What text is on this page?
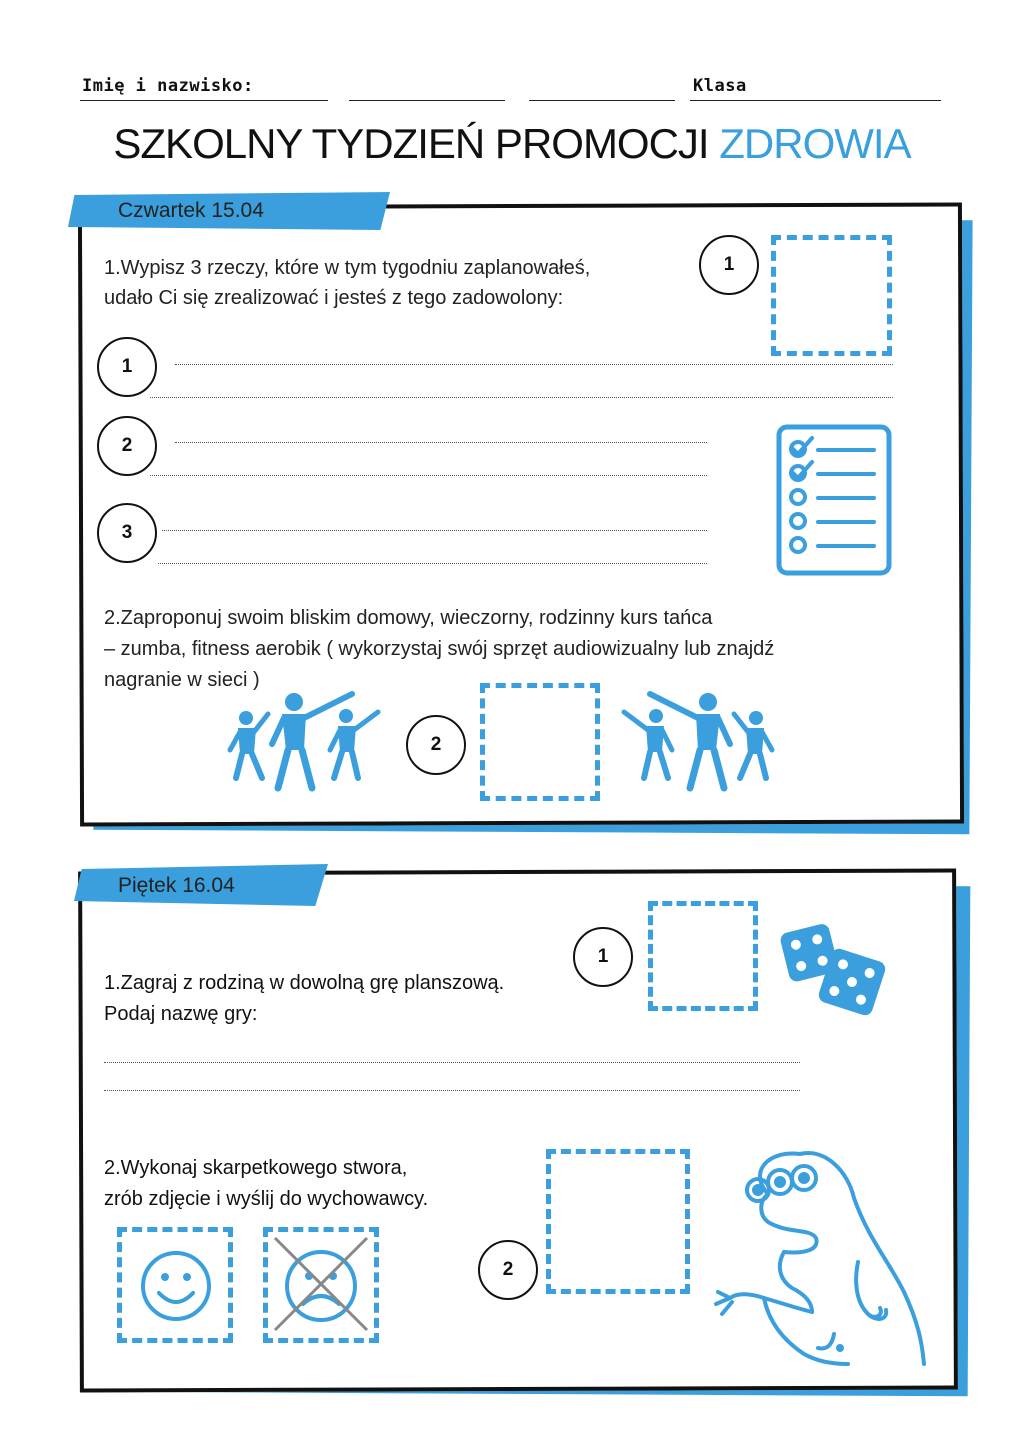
Imię i nazwisko:	Klasa
SZKOLNY TYDZIEŃ PROMOCJI ZDROWIA
Czwartek 15.04
1.Wypisz 3 rzeczy, które w tym tygodniu zaplanowałeś,
udało Ci się zrealizować i jesteś z tego zadowolony:
1
1
2
3
2.Zaproponuj swoim bliskim domowy, wieczorny, rodzinny kurs tańca
– zumba, fitness aerobik ( wykorzystaj swój sprzęt audiowizualny lub znajdź
nagranie w sieci )
2
Piętek 16.04
1
1.Zagraj z rodziną w dowolną grę planszową.
Podaj nazwę gry:
2.Wykonaj skarpetkowego stwora,
zrób zdjęcie i wyślij do wychowawcy.
2
